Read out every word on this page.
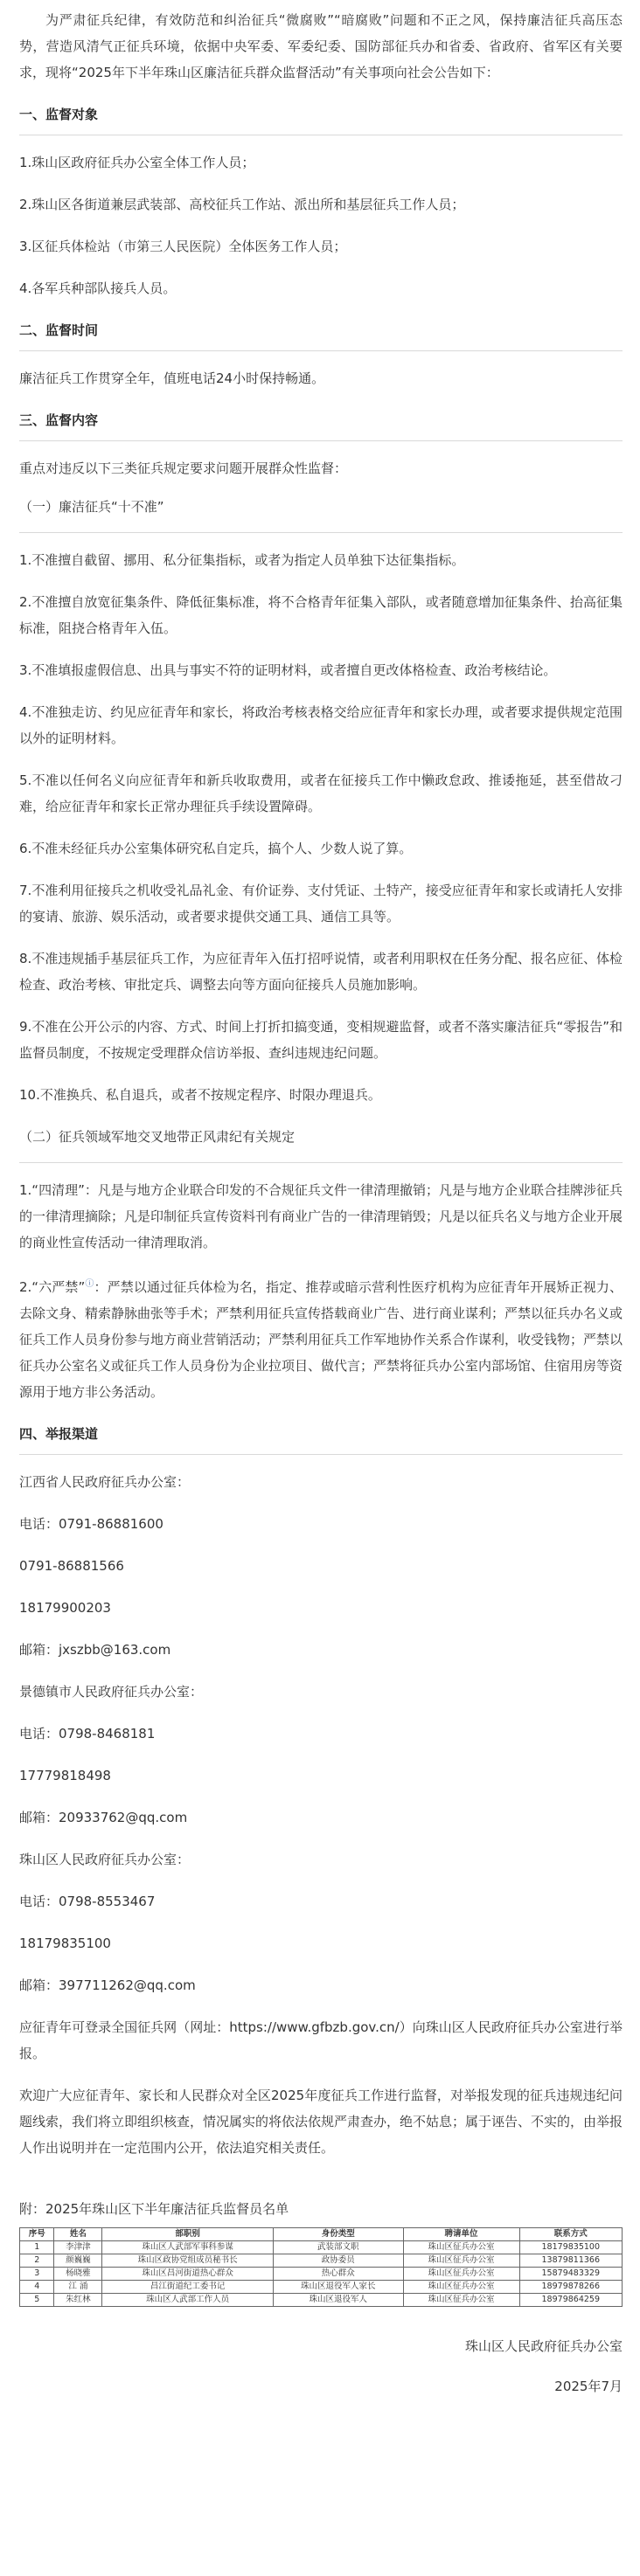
为严肃征兵纪律，有效防范和纠治征兵“微腐败”“暗腐败”问题和不正之风，保持廉洁征兵高压态势，营造风清气正征兵环境，依据中央军委、军委纪委、国防部征兵办和省委、省政府、省军区有关要求，现将“2025年下半年珠山区廉洁征兵群众监督活动”有关事项向社会公告如下：

一、监督对象

1.珠山区政府征兵办公室全体工作人员；

2.珠山区各街道兼层武装部、高校征兵工作站、派出所和基层征兵工作人员；

3.区征兵体检站（市第三人民医院）全体医务工作人员；

4.各军兵种部队接兵人员。

二、监督时间

廉洁征兵工作贯穿全年，值班电话24小时保持畅通。

三、监督内容

重点对违反以下三类征兵规定要求问题开展群众性监督：

（一）廉洁征兵“十不准”

1.不准擅自截留、挪用、私分征集指标，或者为指定人员单独下达征集指标。

2.不准擅自放宽征集条件、降低征集标准，将不合格青年征集入部队，或者随意增加征集条件、抬高征集标准，阻挠合格青年入伍。

3.不准填报虚假信息、出具与事实不符的证明材料，或者擅自更改体格检查、政治考核结论。

4.不准独走访、约见应征青年和家长，将政治考核表格交给应征青年和家长办理，或者要求提供规定范围以外的证明材料。

5.不准以任何名义向应征青年和新兵收取费用，或者在征接兵工作中懒政怠政、推诿拖延，甚至借故刁难，给应征青年和家长正常办理征兵手续设置障碍。

6.不准未经征兵办公室集体研究私自定兵，搞个人、少数人说了算。

7.不准利用征接兵之机收受礼品礼金、有价证券、支付凭证、土特产，接受应征青年和家长或请托人安排的宴请、旅游、娱乐活动，或者要求提供交通工具、通信工具等。

8.不准违规插手基层征兵工作，为应征青年入伍打招呼说情，或者利用职权在任务分配、报名应征、体检检查、政治考核、审批定兵、调整去向等方面向征接兵人员施加影响。

9.不准在公开公示的内容、方式、时间上打折扣搞变通，变相规避监督，或者不落实廉洁征兵“零报告”和监督员制度，不按规定受理群众信访举报、查纠违规违纪问题。

10.不准换兵、私自退兵，或者不按规定程序、时限办理退兵。

（二）征兵领域军地交叉地带正风肃纪有关规定

1.“四清理”：凡是与地方企业联合印发的不合规征兵文件一律清理撤销；凡是与地方企业联合挂牌涉征兵的一律清理摘除；凡是印制征兵宣传资料刊有商业广告的一律清理销毁；凡是以征兵名义与地方企业开展的商业性宣传活动一律清理取消。

2.“六严禁”ⓘ：严禁以通过征兵体检为名，指定、推荐或暗示营利性医疗机构为应征青年开展矫正视力、去除文身、精索静脉曲张等手术；严禁利用征兵宣传搭载商业广告、进行商业谋利；严禁以征兵办名义或征兵工作人员身份参与地方商业营销活动；严禁利用征兵工作军地协作关系合作谋利，收受钱物；严禁以征兵办公室名义或征兵工作人员身份为企业拉项目、做代言；严禁将征兵办公室内部场馆、住宿用房等资源用于地方非公务活动。

四、举报渠道

江西省人民政府征兵办公室：

电话：0791-86881600

0791-86881566

18179900203

邮箱：jxszbb@163.com

景德镇市人民政府征兵办公室：

电话：0798-8468181

17779818498

邮箱：20933762@qq.com

珠山区人民政府征兵办公室：

电话：0798-8553467

18179835100

邮箱：397711262@qq.com

应征青年可登录全国征兵网（网址：https://www.gfbzb.gov.cn/）向珠山区人民政府征兵办公室进行举报。

欢迎广大应征青年、家长和人民群众对全区2025年度征兵工作进行监督，对举报发现的征兵违规违纪问题线索，我们将立即组织核查，情况属实的将依法依规严肃查办，绝不姑息；属于诬告、不实的，由举报人作出说明并在一定范围内公开，依法追究相关责任。

附：2025年珠山区下半年廉洁征兵监督员名单

序号	姓名	部职别	身份类型	聘请单位	联系方式
1	李津津	珠山区人武部军事科参谋	武装部文职	珠山区征兵办公室	18179835100
2	颜巍巍	珠山区政协党组成员秘书长	政协委员	珠山区征兵办公室	13879811366
3	杨晓雅	珠山区昌河街道热心群众	热心群众	珠山区征兵办公室	15879483329
4	江 涌	昌江街道纪工委书记	珠山区退役军人家长	珠山区征兵办公室	18979878266
5	朱红林	珠山区人武部工作人员	珠山区退役军人	珠山区征兵办公室	18979864259

珠山区人民政府征兵办公室

2025年7月
